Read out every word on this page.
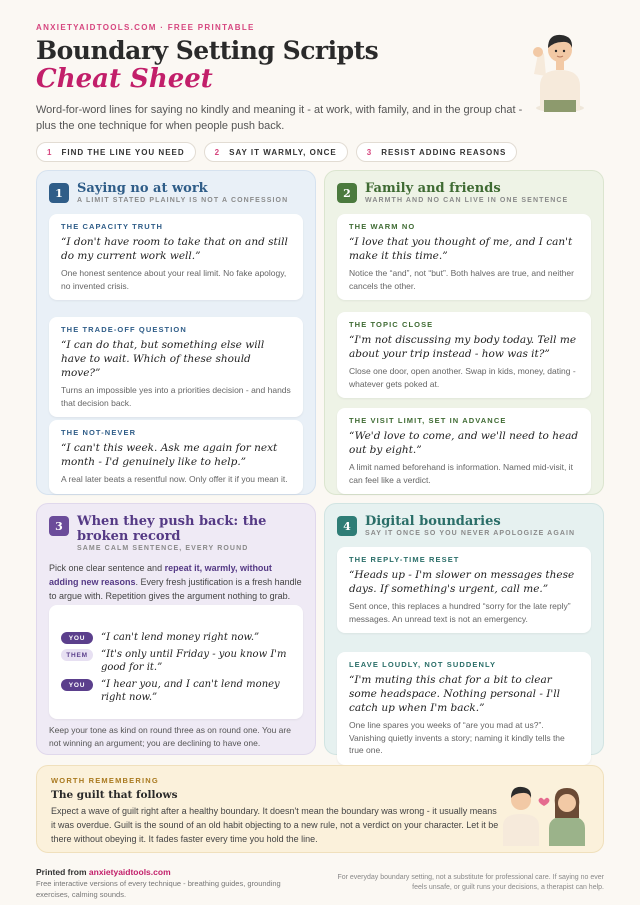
ANXIETYAIDTOOLS.COM · FREE PRINTABLE
Boundary Setting Scripts
Cheat Sheet

Word-for-word lines for saying no kindly and meaning it - at work, with family, and in the group chat - plus the one technique for when people push back.

1 FIND THE LINE YOU NEED	2 SAY IT WARMLY, ONCE	3 RESIST ADDING REASONS
1	Saying no at work
A LIMIT STATED PLAINLY IS NOT A CONFESSION
THE CAPACITY TRUTH
“I don't have room to take that on and still do my current work well.”
One honest sentence about your real limit. No fake apology, no invented crisis.
THE TRADE-OFF QUESTION
“I can do that, but something else will have to wait. Which of these should move?”
Turns an impossible yes into a priorities decision - and hands that decision back.
THE NOT-NEVER
“I can't this week. Ask me again for next month - I'd genuinely like to help.”
A real later beats a resentful now. Only offer it if you mean it.
2	Family and friends
WARMTH AND NO CAN LIVE IN ONE SENTENCE
THE WARM NO
“I love that you thought of me, and I can't make it this time.”
Notice the “and”, not “but”. Both halves are true, and neither cancels the other.
THE TOPIC CLOSE
“I'm not discussing my body today. Tell me about your trip instead - how was it?”
Close one door, open another. Swap in kids, money, dating - whatever gets poked at.
THE VISIT LIMIT, SET IN ADVANCE
“We'd love to come, and we'll need to head out by eight.”
A limit named beforehand is information. Named mid-visit, it can feel like a verdict.
3	When they push back: the broken record
SAME CALM SENTENCE, EVERY ROUND

Pick one clear sentence and repeat it, warmly, without adding new reasons. Every fresh justification is a fresh handle to argue with. Repetition gives the argument nothing to grab.

YOU	“I can't lend money right now.”
THEM	“It's only until Friday - you know I'm good for it.”
YOU	“I hear you, and I can't lend money right now.”

Keep your tone as kind on round three as on round one. You are not winning an argument; you are declining to have one.

4	Digital boundaries
SAY IT ONCE SO YOU NEVER APOLOGIZE AGAIN
THE REPLY-TIME RESET
“Heads up - I'm slower on messages these days. If something's urgent, call me.”
Sent once, this replaces a hundred “sorry for the late reply” messages. An unread text is not an emergency.
LEAVE LOUDLY, NOT SUDDENLY
“I'm muting this chat for a bit to clear some headspace. Nothing personal - I'll catch up when I'm back.”
One line spares you weeks of “are you mad at us?”. Vanishing quietly invents a story; naming it kindly tells the true one.
WORTH REMEMBERING
The guilt that follows

Expect a wave of guilt right after a healthy boundary. It doesn't mean the boundary was wrong - it usually means it was overdue. Guilt is the sound of an old habit objecting to a new rule, not a verdict on your character. Let it be there without obeying it. It fades faster every time you hold the line.

Printed from anxietyaidtools.com
Free interactive versions of every technique - breathing guides, grounding exercises, calming sounds.
For everyday boundary setting, not a substitute for professional care. If saying no ever feels unsafe, or guilt runs your decisions, a therapist can help.
